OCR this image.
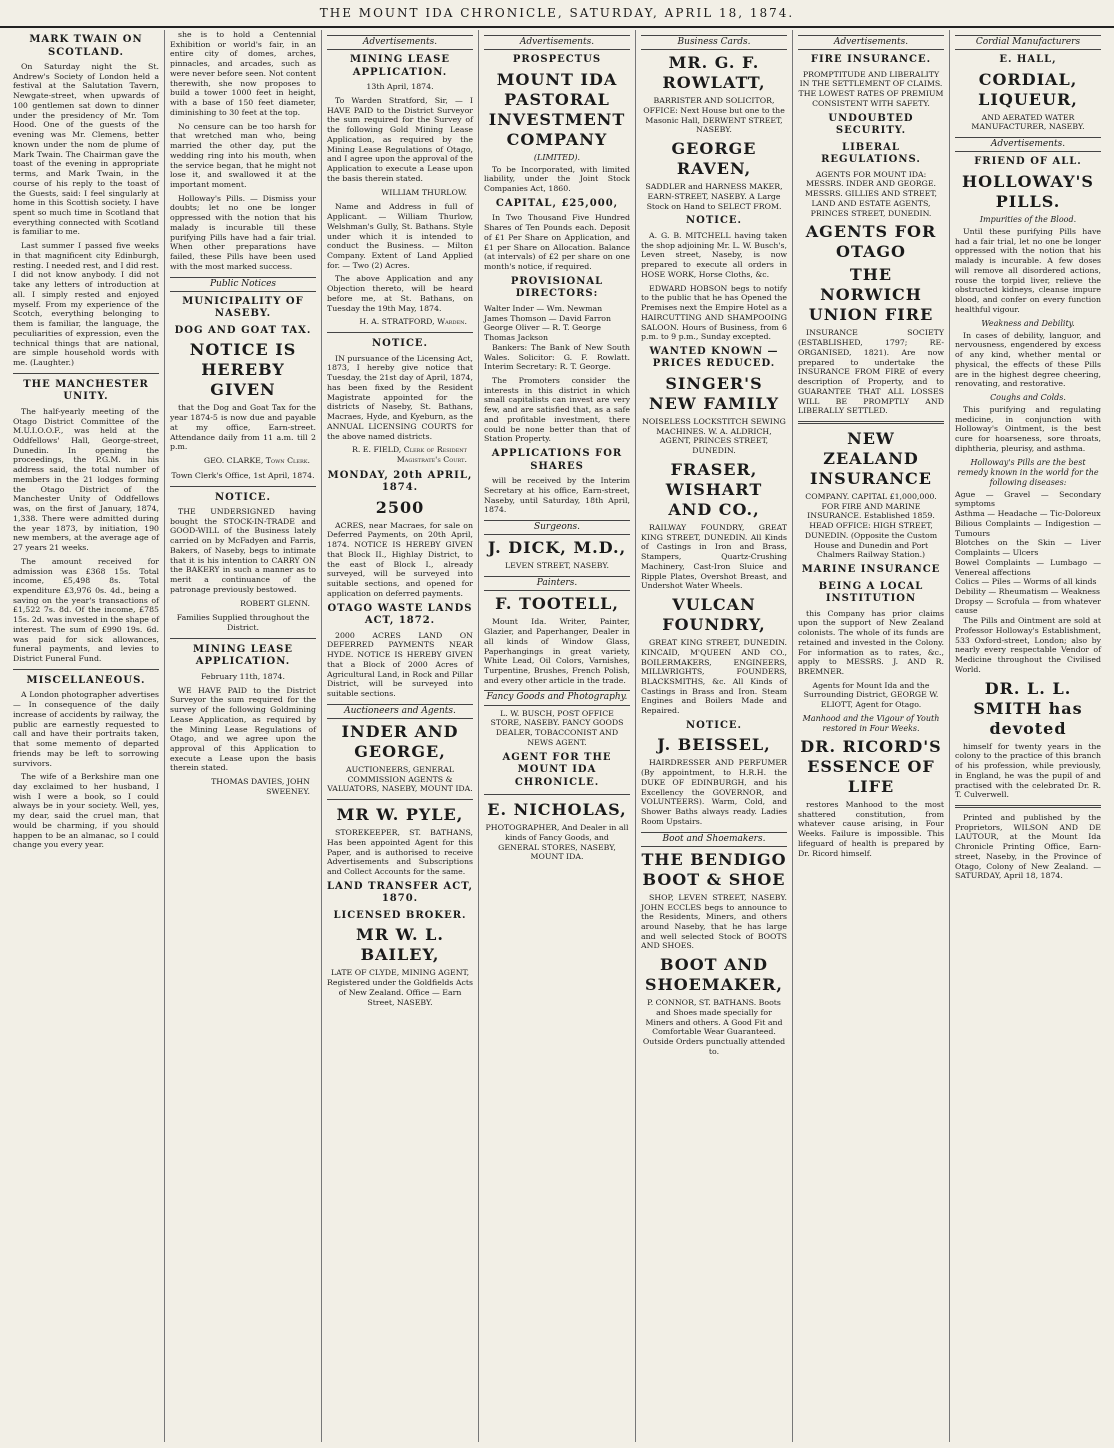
THE MOUNT IDA CHRONICLE, SATURDAY, APRIL 18, 1874.
MARK TWAIN ON SCOTLAND.

On Saturday night the St. Andrew's Society of London held a festival at the Salutation Tavern, Newgate-street, when upwards of 100 gentlemen sat down to dinner under the presidency of Mr. Tom Hood. One of the guests of the evening was Mr. Clemens, better known under the nom de plume of Mark Twain. The Chairman gave the toast of the evening in appropriate terms, and Mark Twain, in the course of his reply to the toast of the Guests, said: I feel singularly at home in this Scottish society. I have spent so much time in Scotland that everything connected with Scotland is familiar to me.

Last summer I passed five weeks in that magnificent city Edinburgh, resting. I needed rest, and I did rest. I did not know anybody. I did not take any letters of introduction at all. I simply rested and enjoyed myself. From my experience of the Scotch, everything belonging to them is familiar, the language, the peculiarities of expression, even the technical things that are national, are simple household words with me. (Laughter.)

THE MANCHESTER UNITY.

The half-yearly meeting of the Otago District Committee of the M.U.I.O.O.F., was held at the Oddfellows' Hall, George-street, Dunedin. In opening the proceedings, the P.G.M. in his address said, the total number of members in the 21 lodges forming the Otago District of the Manchester Unity of Oddfellows was, on the first of January, 1874, 1,338. There were admitted during the year 1873, by initiation, 190 new members, at the average age of 27 years 21 weeks.

The amount received for admission was £368 15s. Total income, £5,498 8s. Total expenditure £3,976 0s. 4d., being a saving on the year's transactions of £1,522 7s. 8d. Of the income, £785 15s. 2d. was invested in the shape of interest. The sum of £990 19s. 6d. was paid for sick allowances, funeral payments, and levies to District Funeral Fund.

MISCELLANEOUS.

A London photographer advertises — In consequence of the daily increase of accidents by railway, the public are earnestly requested to call and have their portraits taken, that some memento of departed friends may be left to sorrowing survivors.

The wife of a Berkshire man one day exclaimed to her husband, I wish I were a book, so I could always be in your society. Well, yes, my dear, said the cruel man, that would be charming, if you should happen to be an almanac, so I could change you every year.

she is to hold a Centennial Exhibition or world's fair, in an entire city of domes, arches, pinnacles, and arcades, such as were never before seen. Not content therewith, she now proposes to build a tower 1000 feet in height, with a base of 150 feet diameter, diminishing to 30 feet at the top.

No censure can be too harsh for that wretched man who, being married the other day, put the wedding ring into his mouth, when the service began, that he might not lose it, and swallowed it at the important moment.

Holloway's Pills. — Dismiss your doubts; let no one be longer oppressed with the notion that his malady is incurable till these purifying Pills have had a fair trial. When other preparations have failed, these Pills have been used with the most marked success.

Public Notices
MUNICIPALITY OF NASEBY.
DOG AND GOAT TAX.
NOTICE IS HEREBY GIVEN

that the Dog and Goat Tax for the year 1874-5 is now due and payable at my office, Earn-street. Attendance daily from 11 a.m. till 2 p.m.

GEO. CLARKE, Town Clerk.

Town Clerk's Office, 1st April, 1874.

NOTICE.

THE UNDERSIGNED having bought the STOCK-IN-TRADE and GOOD-WILL of the Business lately carried on by McFadyen and Farris, Bakers, of Naseby, begs to intimate that it is his intention to CARRY ON the BAKERY in such a manner as to merit a continuance of the patronage previously bestowed.

ROBERT GLENN.

Families Supplied throughout the District.

MINING LEASE APPLICATION.

February 11th, 1874.

WE HAVE PAID to the District Surveyor the sum required for the survey of the following Goldmining Lease Application, as required by the Mining Lease Regulations of Otago, and we agree upon the approval of this Application to execute a Lease upon the basis therein stated.

THOMAS DAVIES, JOHN SWEENEY.
Advertisements.
MINING LEASE APPLICATION.

13th April, 1874.

To Warden Stratford, Sir, — I HAVE PAID to the District Surveyor the sum required for the Survey of the following Gold Mining Lease Application, as required by the Mining Lease Regulations of Otago, and I agree upon the approval of the Application to execute a Lease upon the basis therein stated.

WILLIAM THURLOW.

Name and Address in full of Applicant. — William Thurlow, Welshman's Gully, St. Bathans. Style under which it is intended to conduct the Business. — Milton Company. Extent of Land Applied for. — Two (2) Acres.

The above Application and any Objection thereto, will be heard before me, at St. Bathans, on Tuesday the 19th May, 1874.

H. A. STRATFORD, Warden.
NOTICE.

IN pursuance of the Licensing Act, 1873, I hereby give notice that Tuesday, the 21st day of April, 1874, has been fixed by the Resident Magistrate appointed for the districts of Naseby, St. Bathans, Macraes, Hyde, and Kyeburn, as the ANNUAL LICENSING COURTS for the above named districts.

R. E. FIELD, Clerk of Resident Magistrate's Court.
MONDAY, 20th APRIL, 1874.
2500

ACRES, near Macraes, for sale on Deferred Payments, on 20th April, 1874. NOTICE IS HEREBY GIVEN that Block II., Highlay District, to the east of Block I., already surveyed, will be surveyed into suitable sections, and opened for application on deferred payments.

OTAGO WASTE LANDS ACT, 1872.

2000 ACRES LAND ON DEFERRED PAYMENTS NEAR HYDE. NOTICE IS HEREBY GIVEN that a Block of 2000 Acres of Agricultural Land, in Rock and Pillar District, will be surveyed into suitable sections.

Auctioneers and Agents.
INDER AND GEORGE,

AUCTIONEERS, GENERAL COMMISSION AGENTS & VALUATORS, NASEBY, MOUNT IDA.

MR W. PYLE,

STOREKEEPER, ST. BATHANS, Has been appointed Agent for this Paper, and is authorised to receive Advertisements and Subscriptions and Collect Accounts for the same.

LAND TRANSFER ACT, 1870.
LICENSED BROKER.
MR W. L. BAILEY,

LATE OF CLYDE, MINING AGENT, Registered under the Goldfields Acts of New Zealand. Office — Earn Street, NASEBY.

Advertisements.
PROSPECTUS
MOUNT IDA PASTORAL INVESTMENT COMPANY
(LIMITED).

To be Incorporated, with limited liability, under the Joint Stock Companies Act, 1860.

CAPITAL, £25,000,

In Two Thousand Five Hundred Shares of Ten Pounds each. Deposit of £1 Per Share on Application, and £1 per Share on Allocation. Balance (at intervals) of £2 per share on one month's notice, if required.

PROVISIONAL DIRECTORS:
Walter Inder — Wm. Newman
James Thomson — David Farron
George Oliver — R. T. George
Thomas Jackson

Bankers: The Bank of New South Wales. Solicitor: G. F. Rowlatt. Interim Secretary: R. T. George.

The Promoters consider the interests in this district in which small capitalists can invest are very few, and are satisfied that, as a safe and profitable investment, there could be none better than that of Station Property.

APPLICATIONS FOR SHARES

will be received by the Interim Secretary at his office, Earn-street, Naseby, until Saturday, 18th April, 1874.

Surgeons.
J. DICK, M.D.,

LEVEN STREET, NASEBY.

Painters.
F. TOOTELL,

Mount Ida. Writer, Painter, Glazier, and Paperhanger, Dealer in all kinds of Window Glass, Paperhangings in great variety, White Lead, Oil Colors, Varnishes, Turpentine, Brushes, French Polish, and every other article in the trade.

Fancy Goods and Photography.

L. W. BUSCH, POST OFFICE STORE, NASEBY. FANCY GOODS DEALER, TOBACCONIST AND NEWS AGENT.

AGENT FOR THE MOUNT IDA CHRONICLE.
E. NICHOLAS,

PHOTOGRAPHER, And Dealer in all kinds of Fancy Goods, and GENERAL STORES, NASEBY, MOUNT IDA.

Business Cards.
MR. G. F. ROWLATT,

BARRISTER AND SOLICITOR, OFFICE: Next House but one to the Masonic Hall, DERWENT STREET, NASEBY.

GEORGE RAVEN,

SADDLER and HARNESS MAKER, EARN-STREET, NASEBY. A Large Stock on Hand to SELECT FROM.

NOTICE.

A. G. B. MITCHELL having taken the shop adjoining Mr. L. W. Busch's, Leven street, Naseby, is now prepared to execute all orders in HOSE WORK, Horse Cloths, &c.

EDWARD HOBSON begs to notify to the public that he has Opened the Premises next the Empire Hotel as a HAIRCUTTING AND SHAMPOOING SALOON. Hours of Business, from 6 p.m. to 9 p.m., Sunday excepted.

WANTED KNOWN — PRICES REDUCED.
SINGER'S NEW FAMILY

NOISELESS LOCKSTITCH SEWING MACHINES. W. A. ALDRICH, AGENT, PRINCES STREET, DUNEDIN.

FRASER, WISHART AND CO.,

RAILWAY FOUNDRY, GREAT KING STREET, DUNEDIN. All Kinds of Castings in Iron and Brass, Stampers, Quartz-Crushing Machinery, Cast-Iron Sluice and Ripple Plates, Overshot Breast, and Undershot Water Wheels.

VULCAN FOUNDRY,

GREAT KING STREET, DUNEDIN. KINCAID, M'QUEEN AND CO., BOILERMAKERS, ENGINEERS, MILLWRIGHTS, FOUNDERS, BLACKSMITHS, &c. All Kinds of Castings in Brass and Iron. Steam Engines and Boilers Made and Repaired.

NOTICE.
J. BEISSEL,

HAIRDRESSER AND PERFUMER (By appointment, to H.R.H. the DUKE OF EDINBURGH, and his Excellency the GOVERNOR, and VOLUNTEERS). Warm, Cold, and Shower Baths always ready. Ladies Room Upstairs.

Boot and Shoemakers.
THE BENDIGO BOOT & SHOE

SHOP, LEVEN STREET, NASEBY. JOHN ECCLES begs to announce to the Residents, Miners, and others around Naseby, that he has large and well selected Stock of BOOTS AND SHOES.

BOOT AND SHOEMAKER,

P. CONNOR, ST. BATHANS. Boots and Shoes made specially for Miners and others. A Good Fit and Comfortable Wear Guaranteed. Outside Orders punctually attended to.

Advertisements.
FIRE INSURANCE.

PROMPTITUDE AND LIBERALITY IN THE SETTLEMENT OF CLAIMS. THE LOWEST RATES OF PREMIUM CONSISTENT WITH SAFETY.

UNDOUBTED SECURITY.
LIBERAL REGULATIONS.

AGENTS FOR MOUNT IDA: MESSRS. INDER AND GEORGE. MESSRS. GILLIES AND STREET, LAND AND ESTATE AGENTS, PRINCES STREET, DUNEDIN.

AGENTS FOR OTAGO
THE NORWICH UNION FIRE

INSURANCE SOCIETY (ESTABLISHED, 1797; RE-ORGANISED, 1821). Are now prepared to undertake the INSURANCE FROM FIRE of every description of Property, and to GUARANTEE THAT ALL LOSSES WILL BE PROMPTLY AND LIBERALLY SETTLED.

NEW ZEALAND INSURANCE

COMPANY. CAPITAL £1,000,000. FOR FIRE AND MARINE INSURANCE. Established 1859. HEAD OFFICE: HIGH STREET, DUNEDIN. (Opposite the Custom House and Dunedin and Port Chalmers Railway Station.)

MARINE INSURANCE
BEING A LOCAL INSTITUTION

this Company has prior claims upon the support of New Zealand colonists. The whole of its funds are retained and invested in the Colony. For information as to rates, &c., apply to MESSRS. J. AND R. BREMNER.

Agents for Mount Ida and the Surrounding District, GEORGE W. ELIOTT, Agent for Otago.

Manhood and the Vigour of Youth restored in Four Weeks.
DR. RICORD'S ESSENCE OF LIFE

restores Manhood to the most shattered constitution, from whatever cause arising, in Four Weeks. Failure is impossible. This lifeguard of health is prepared by Dr. Ricord himself.

Cordial Manufacturers
E. HALL,
CORDIAL, LIQUEUR,

AND AERATED WATER MANUFACTURER, NASEBY.

Advertisements.
FRIEND OF ALL.
HOLLOWAY'S PILLS.
Impurities of the Blood.

Until these purifying Pills have had a fair trial, let no one be longer oppressed with the notion that his malady is incurable. A few doses will remove all disordered actions, rouse the torpid liver, relieve the obstructed kidneys, cleanse impure blood, and confer on every function healthful vigour.

Weakness and Debility.

In cases of debility, languor, and nervousness, engendered by excess of any kind, whether mental or physical, the effects of these Pills are in the highest degree cheering, renovating, and restorative.

Coughs and Colds.

This purifying and regulating medicine, in conjunction with Holloway's Ointment, is the best cure for hoarseness, sore throats, diphtheria, pleurisy, and asthma.

Holloway's Pills are the best remedy known in the world for the following diseases:
Ague — Gravel — Secondary symptoms
Asthma — Headache — Tic-Doloreux
Bilious Complaints — Indigestion — Tumours
Blotches on the Skin — Liver Complaints — Ulcers
Bowel Complaints — Lumbago — Venereal affections
Colics — Piles — Worms of all kinds
Debility — Rheumatism — Weakness
Dropsy — Scrofula — from whatever cause

The Pills and Ointment are sold at Professor Holloway's Establishment, 533 Oxford-street, London; also by nearly every respectable Vendor of Medicine throughout the Civilised World.

DR. L. L. SMITH has devoted

himself for twenty years in the colony to the practice of this branch of his profession, while previously, in England, he was the pupil of and practised with the celebrated Dr. R. T. Culverwell.

Printed and published by the Proprietors, WILSON AND DE LAUTOUR, at the Mount Ida Chronicle Printing Office, Earn-street, Naseby, in the Province of Otago, Colony of New Zealand. — SATURDAY, April 18, 1874.
